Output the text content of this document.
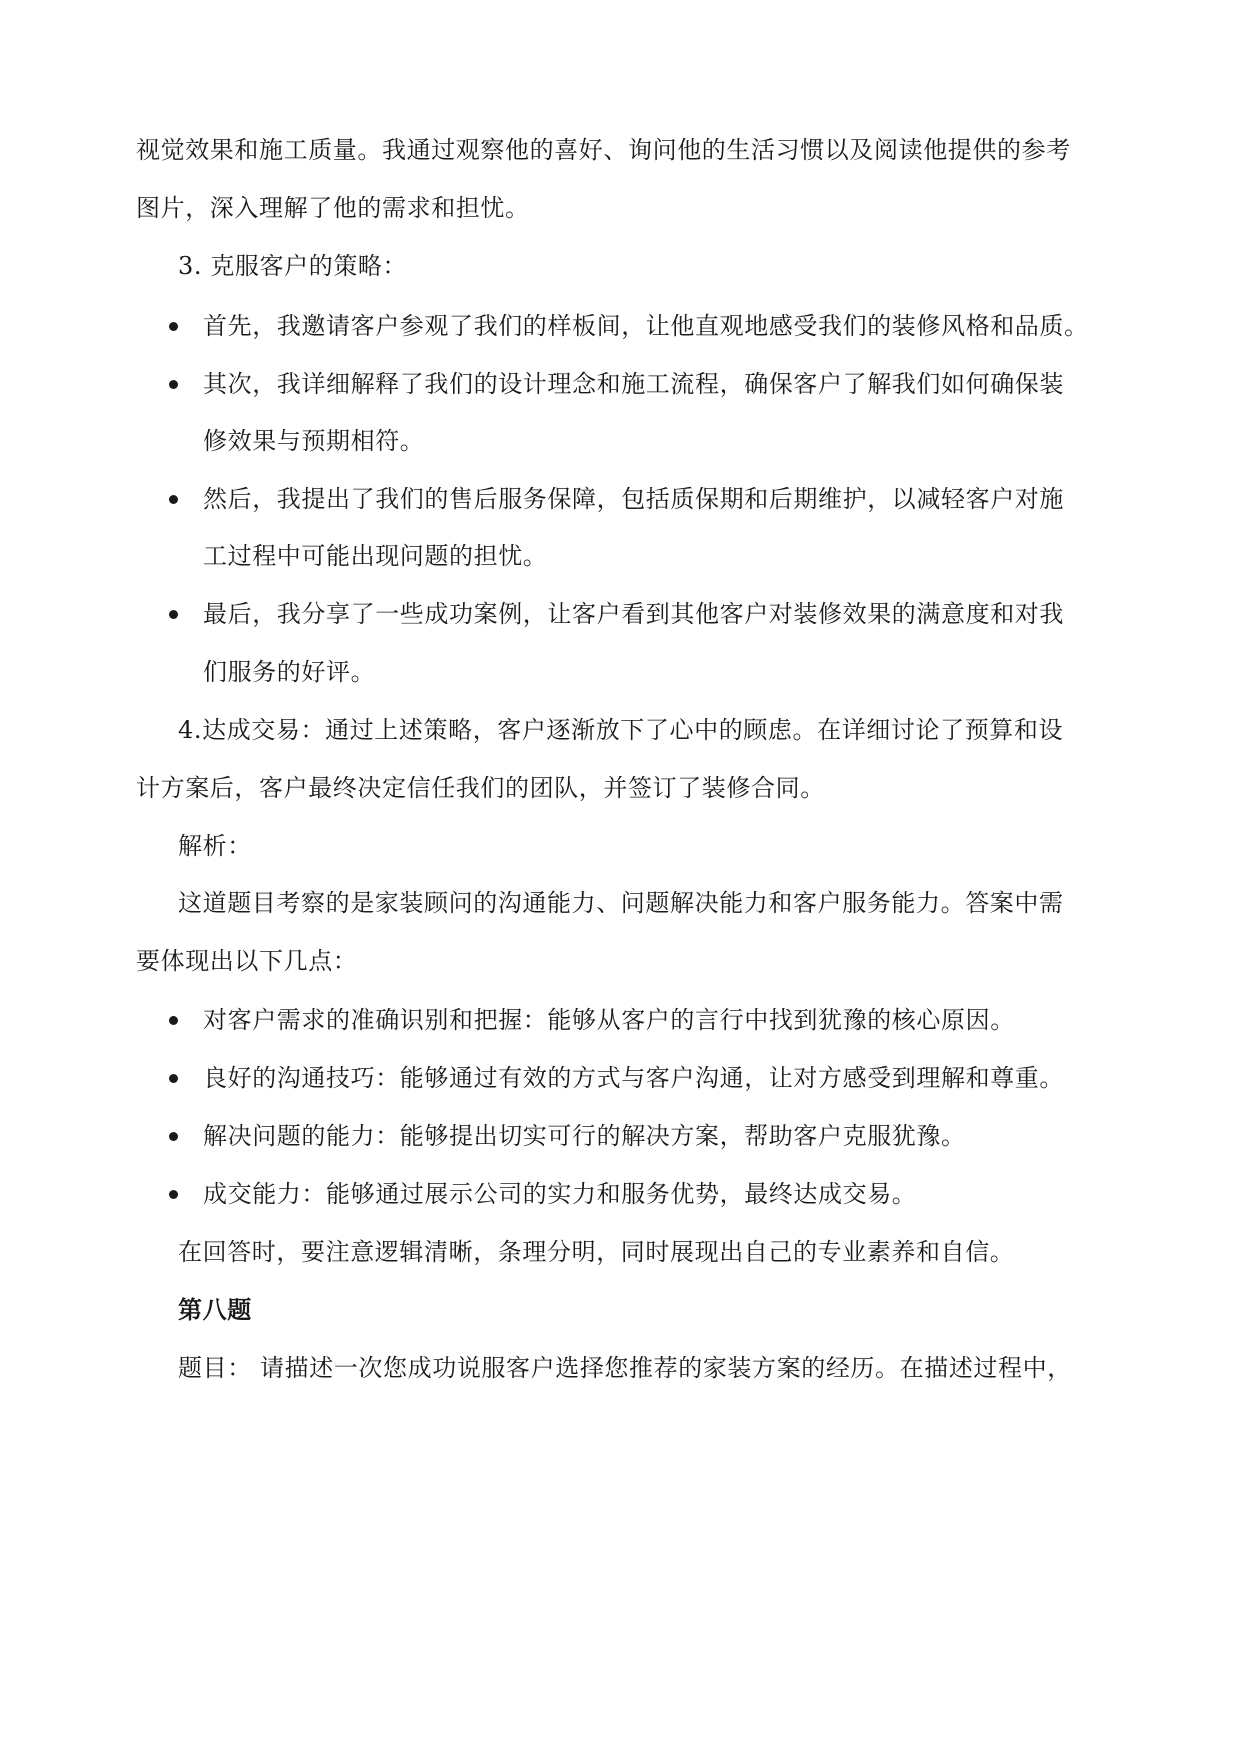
视觉效果和施工质量。我通过观察他的喜好、询问他的生活习惯以及阅读他提供的参考
图片，深入理解了他的需求和担忧。
3. 克服客户的策略：
首先，我邀请客户参观了我们的样板间，让他直观地感受我们的装修风格和品质。
其次，我详细解释了我们的设计理念和施工流程，确保客户了解我们如何确保装
修效果与预期相符。
然后，我提出了我们的售后服务保障，包括质保期和后期维护，以减轻客户对施
工过程中可能出现问题的担忧。
最后，我分享了一些成功案例，让客户看到其他客户对装修效果的满意度和对我
们服务的好评。
4.达成交易：通过上述策略，客户逐渐放下了心中的顾虑。在详细讨论了预算和设
计方案后，客户最终决定信任我们的团队，并签订了装修合同。
解析：
这道题目考察的是家装顾问的沟通能力、问题解决能力和客户服务能力。答案中需
要体现出以下几点：
对客户需求的准确识别和把握：能够从客户的言行中找到犹豫的核心原因。
良好的沟通技巧：能够通过有效的方式与客户沟通，让对方感受到理解和尊重。
解决问题的能力：能够提出切实可行的解决方案，帮助客户克服犹豫。
成交能力：能够通过展示公司的实力和服务优势，最终达成交易。
在回答时，要注意逻辑清晰，条理分明，同时展现出自己的专业素养和自信。
第八题
题目： 请描述一次您成功说服客户选择您推荐的家装方案的经历。在描述过程中，
